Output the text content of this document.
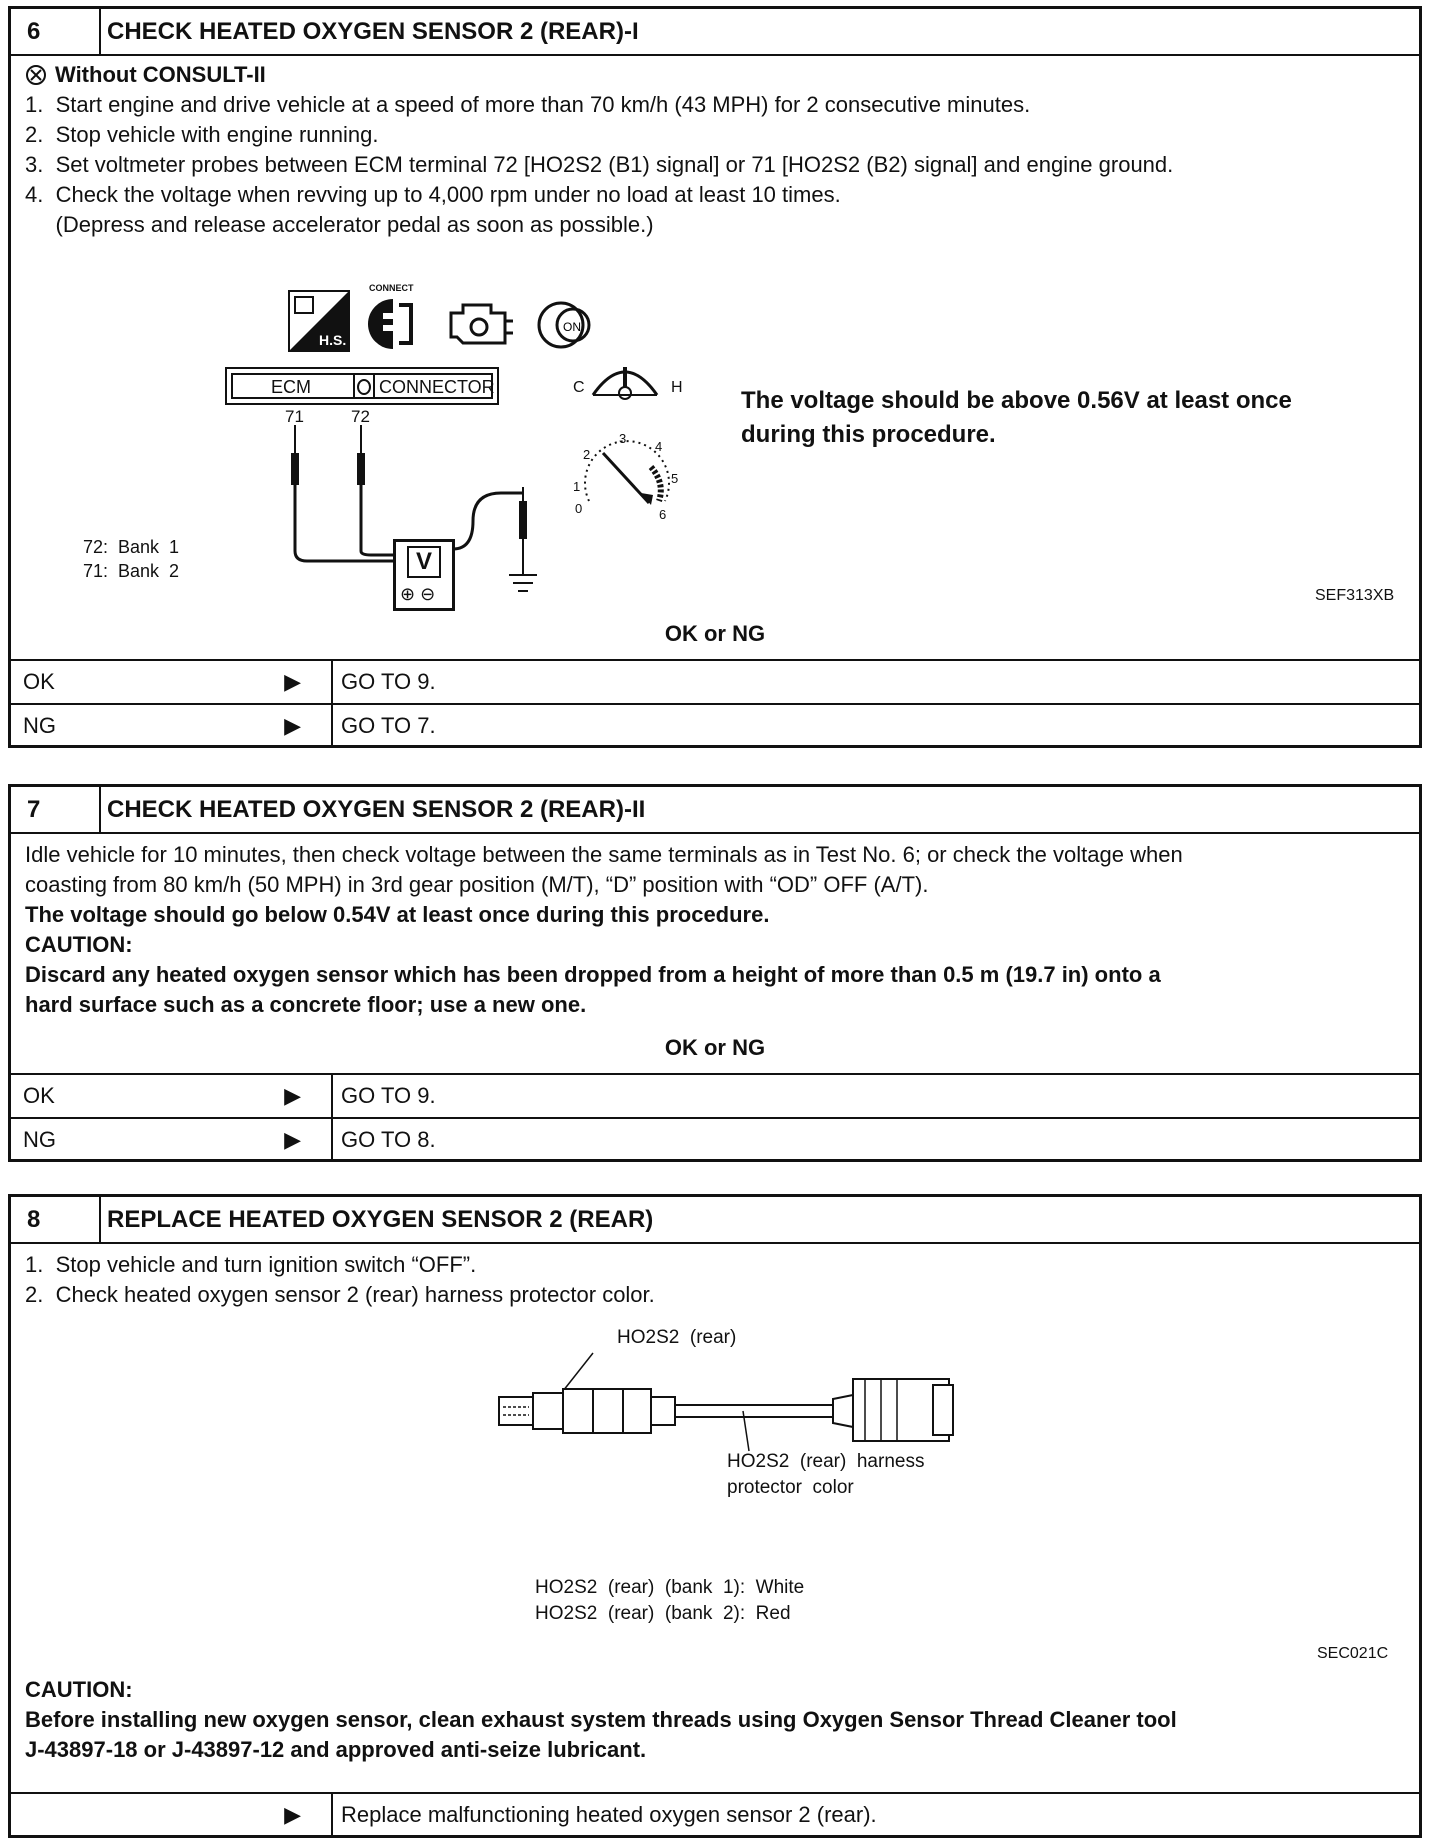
6	CHECK HEATED OXYGEN SENSOR 2 (REAR)-I
Without CONSULT-II
1.  Start engine and drive vehicle at a speed of more than 70 km/h (43 MPH) for 2 consecutive minutes.
2.  Stop vehicle with engine running.
3.  Set voltmeter probes between ECM terminal 72 [HO2S2 (B1) signal] or 71 [HO2S2 (B2) signal] and engine ground.
4.  Check the voltage when revving up to 4,000 rpm under no load at least 10 times.
(Depress and release accelerator pedal as soon as possible.)
H.S.
CONNECT
ON
ECM	CONNECTOR
71	72
V
⊕ ⊖
72:  Bank  1
71:  Bank  2
C	H
0
1
2
3
4
5
6
The voltage should be above 0.56V at least once
during this procedure.
SEF313XB
OK or NG
OK	▶	GO TO 9.
NG	▶	GO TO 7.
7	CHECK HEATED OXYGEN SENSOR 2 (REAR)-II
Idle vehicle for 10 minutes, then check voltage between the same terminals as in Test No. 6; or check the voltage when
coasting from 80 km/h (50 MPH) in 3rd gear position (M/T), “D” position with “OD” OFF (A/T).
The voltage should go below 0.54V at least once during this procedure.
CAUTION:
Discard any heated oxygen sensor which has been dropped from a height of more than 0.5 m (19.7 in) onto a
hard surface such as a concrete floor; use a new one.
OK or NG
OK	▶	GO TO 9.
NG	▶	GO TO 8.
8	REPLACE HEATED OXYGEN SENSOR 2 (REAR)
1.  Stop vehicle and turn ignition switch “OFF”.
2.  Check heated oxygen sensor 2 (rear) harness protector color.
HO2S2  (rear)
HO2S2  (rear)  harness
protector  color
HO2S2  (rear)  (bank  1):  White
HO2S2  (rear)  (bank  2):  Red
SEC021C
CAUTION:
Before installing new oxygen sensor, clean exhaust system threads using Oxygen Sensor Thread Cleaner tool
J-43897-18 or J-43897-12 and approved anti-seize lubricant.
▶	Replace malfunctioning heated oxygen sensor 2 (rear).
